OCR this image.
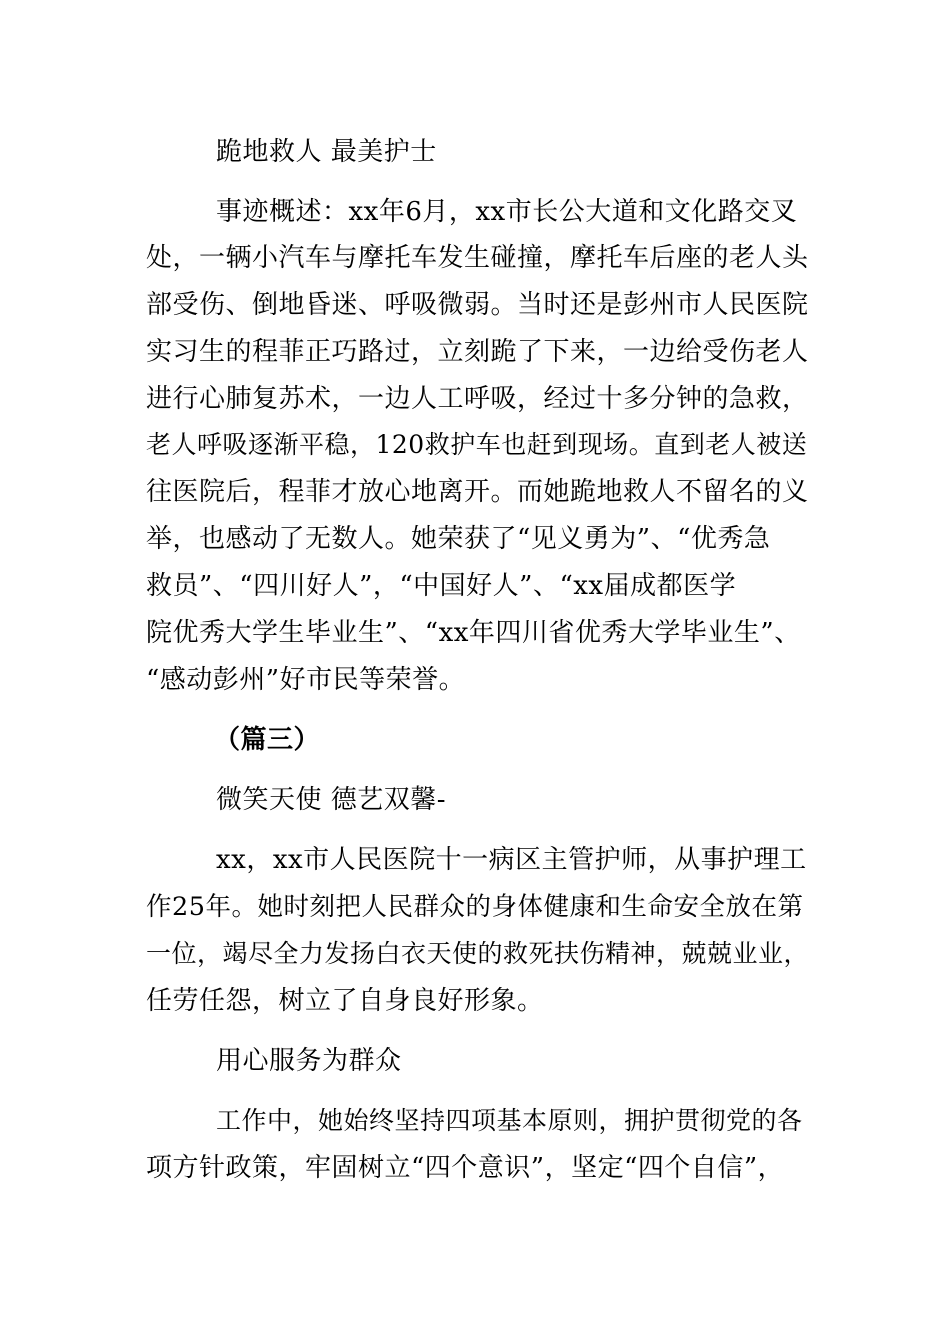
跪地救人 最美护士
事迹概述：xx年6月，xx市长公大道和文化路交叉
处，一辆小汽车与摩托车发生碰撞，摩托车后座的老人头
部受伤、倒地昏迷、呼吸微弱。当时还是彭州市人民医院
实习生的程菲正巧路过，立刻跪了下来，一边给受伤老人
进行心肺复苏术，一边人工呼吸，经过十多分钟的急救，
老人呼吸逐渐平稳，120救护车也赶到现场。直到老人被送
往医院后，程菲才放心地离开。而她跪地救人不留名的义
举，也感动了无数人。她荣获了“见义勇为”、“优秀急
救员”、“四川好人”，“中国好人”、“xx届成都医学
院优秀大学生毕业生”、“xx年四川省优秀大学毕业生”、
“感动彭州”好市民等荣誉。
（篇三）
微笑天使 德艺双馨-
xx，xx市人民医院十一病区主管护师，从事护理工
作25年。她时刻把人民群众的身体健康和生命安全放在第
一位，竭尽全力发扬白衣天使的救死扶伤精神，兢兢业业，
任劳任怨，树立了自身良好形象。
用心服务为群众
工作中，她始终坚持四项基本原则，拥护贯彻党的各
项方针政策，牢固树立“四个意识”，坚定“四个自信”，
